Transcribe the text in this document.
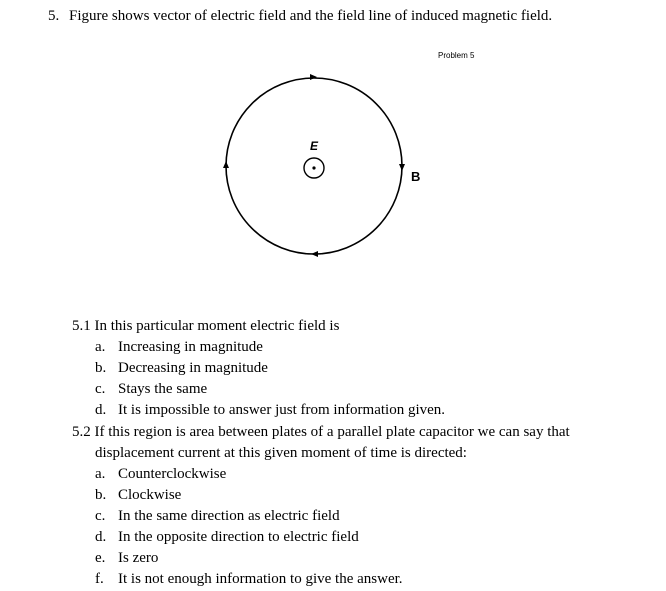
5. Figure shows vector of electric field and the field line of induced magnetic field.
Problem 5
E
B
5.1 In this particular moment electric field is
a. Increasing in magnitude
b. Decreasing in magnitude
c. Stays the same
d. It is impossible to answer just from information given.
5.2 If this region is area between plates of a parallel plate capacitor we can say that
displacement current at this given moment of time is directed:
a. Counterclockwise
b. Clockwise
c. In the same direction as electric field
d. In the opposite direction to electric field
e. Is zero
f. It is not enough information to give the answer.
